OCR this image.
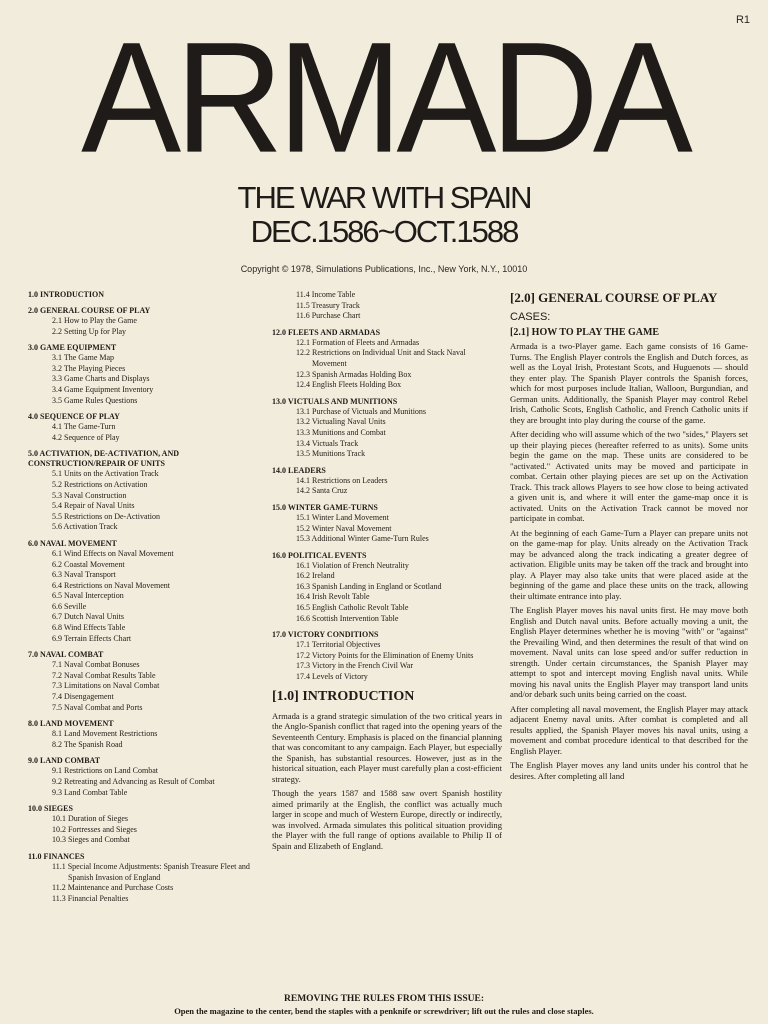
R1
ARMADA
THE WAR WITH SPAIN
DEC.1586~OCT.1588
Copyright © 1978, Simulations Publications, Inc., New York, N.Y., 10010
1.0 INTRODUCTION
2.0 GENERAL COURSE OF PLAY
2.1 How to Play the Game
2.2 Setting Up for Play
3.0 GAME EQUIPMENT
3.1 The Game Map
3.2 The Playing Pieces
3.3 Game Charts and Displays
3.4 Game Equipment Inventory
3.5 Game Rules Questions
4.0 SEQUENCE OF PLAY
4.1 The Game-Turn
4.2 Sequence of Play
5.0 ACTIVATION, DE-ACTIVATION, AND CONSTRUCTION/REPAIR OF UNITS
5.1 Units on the Activation Track
5.2 Restrictions on Activation
5.3 Naval Construction
5.4 Repair of Naval Units
5.5 Restrictions on De-Activation
5.6 Activation Track
6.0 NAVAL MOVEMENT
6.1 Wind Effects on Naval Movement
6.2 Coastal Movement
6.3 Naval Transport
6.4 Restrictions on Naval Movement
6.5 Naval Interception
6.6 Seville
6.7 Dutch Naval Units
6.8 Wind Effects Table
6.9 Terrain Effects Chart
7.0 NAVAL COMBAT
7.1 Naval Combat Bonuses
7.2 Naval Combat Results Table
7.3 Limitations on Naval Combat
7.4 Disengagement
7.5 Naval Combat and Ports
8.0 LAND MOVEMENT
8.1 Land Movement Restrictions
8.2 The Spanish Road
9.0 LAND COMBAT
9.1 Restrictions on Land Combat
9.2 Retreating and Advancing as Result of Combat
9.3 Land Combat Table
10.0 SIEGES
10.1 Duration of Sieges
10.2 Fortresses and Sieges
10.3 Sieges and Combat
11.0 FINANCES
11.1 Special Income Adjustments: Spanish Treasure Fleet and Spanish Invasion of England
11.2 Maintenance and Purchase Costs
11.3 Financial Penalties
11.4 Income Table
11.5 Treasury Track
11.6 Purchase Chart
12.0 FLEETS AND ARMADAS
12.1 Formation of Fleets and Armadas
12.2 Restrictions on Individual Unit and Stack Naval Movement
12.3 Spanish Armadas Holding Box
12.4 English Fleets Holding Box
13.0 VICTUALS AND MUNITIONS
13.1 Purchase of Victuals and Munitions
13.2 Victualing Naval Units
13.3 Munitions and Combat
13.4 Victuals Track
13.5 Munitions Track
14.0 LEADERS
14.1 Restrictions on Leaders
14.2 Santa Cruz
15.0 WINTER GAME-TURNS
15.1 Winter Land Movement
15.2 Winter Naval Movement
15.3 Additional Winter Game-Turn Rules
16.0 POLITICAL EVENTS
16.1 Violation of French Neutrality
16.2 Ireland
16.3 Spanish Landing in England or Scotland
16.4 Irish Revolt Table
16.5 English Catholic Revolt Table
16.6 Scottish Intervention Table
17.0 VICTORY CONDITIONS
17.1 Territorial Objectives
17.2 Victory Points for the Elimination of Enemy Units
17.3 Victory in the French Civil War
17.4 Levels of Victory
[1.0] INTRODUCTION

Armada is a grand strategic simulation of the two critical years in the Anglo-Spanish conflict that raged into the opening years of the Seventeenth Century. Emphasis is placed on the financial planning that was concomitant to any campaign. Each Player, but especially the Spanish, has substantial resources. However, just as in the historical situation, each Player must carefully plan a cost-efficient strategy.

Though the years 1587 and 1588 saw overt Spanish hostility aimed primarily at the English, the conflict was actually much larger in scope and much of Western Europe, directly or indirectly, was involved. Armada simulates this political situation providing the Player with the full range of options available to Philip II of Spain and Elizabeth of England.

[2.0] GENERAL COURSE OF PLAY
CASES:
[2.1] HOW TO PLAY THE GAME

Armada is a two-Player game. Each game consists of 16 Game-Turns. The English Player controls the English and Dutch forces, as well as the Loyal Irish, Protestant Scots, and Huguenots — should they enter play. The Spanish Player controls the Spanish forces, which for most purposes include Italian, Walloon, Burgundian, and German units. Additionally, the Spanish Player may control Rebel Irish, Catholic Scots, English Catholic, and French Catholic units if they are brought into play during the course of the game.

After deciding who will assume which of the two "sides," Players set up their playing pieces (hereafter referred to as units). Some units begin the game on the map. These units are considered to be "activated." Activated units may be moved and participate in combat. Certain other playing pieces are set up on the Activation Track. This track allows Players to see how close to being activated a given unit is, and where it will enter the game-map once it is activated. Units on the Activation Track cannot be moved nor participate in combat.

At the beginning of each Game-Turn a Player can prepare units not on the game-map for play. Units already on the Activation Track may be advanced along the track indicating a greater degree of activation. Eligible units may be taken off the track and brought into play. A Player may also take units that were placed aside at the beginning of the game and place these units on the track, allowing their ultimate entrance into play.

The English Player moves his naval units first. He may move both English and Dutch naval units. Before actually moving a unit, the English Player determines whether he is moving "with" or "against" the Prevailing Wind, and then determines the result of that wind on movement. Naval units can lose speed and/or suffer reduction in strength. Under certain circumstances, the Spanish Player may attempt to spot and intercept moving English naval units. While moving his naval units the English Player may transport land units and/or debark such units being carried on the coast.

After completing all naval movement, the English Player may attack adjacent Enemy naval units. After combat is completed and all results applied, the Spanish Player moves his naval units, using a movement and combat procedure identical to that described for the English Player.

The English Player moves any land units under his control that he desires. After completing all land

REMOVING THE RULES FROM THIS ISSUE:
Open the magazine to the center, bend the staples with a penknife or screwdriver; lift out the rules and close staples.
